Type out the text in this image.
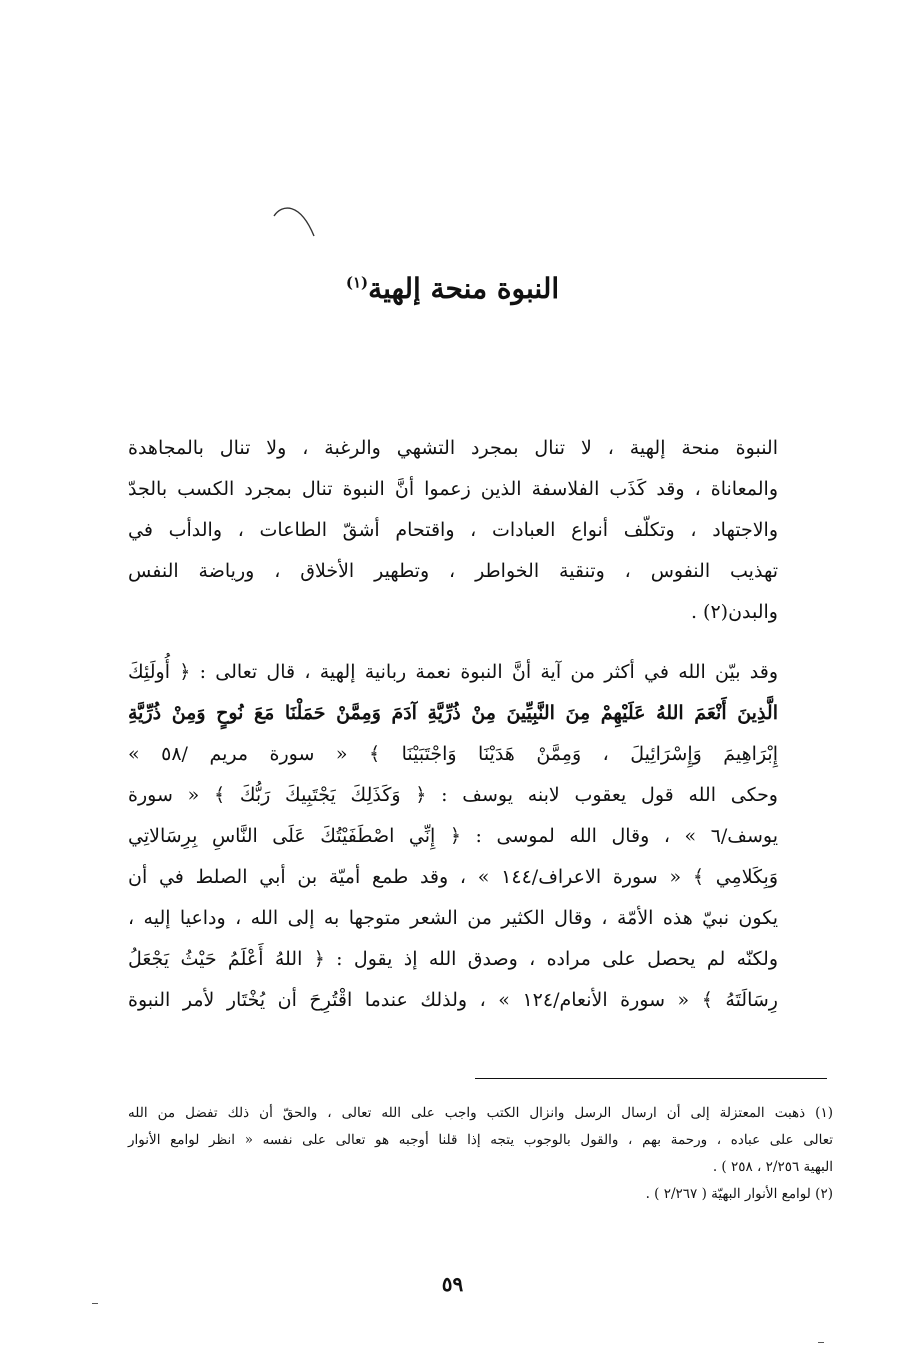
النبوة منحة إلهية$^{(١)}$
النبوة منحة إلهية ، لا تنال بمجرد التشهي والرغبة ، ولا تنال بالمجاهدة
والمعاناة ، وقد كَذَب الفلاسفة الذين زعموا أنَّ النبوة تنال بمجرد الكسب بالجدّ
والاجتهاد ، وتكلّف أنواع العبادات ، واقتحام أشقّ الطاعات ، والدأب في
تهذيب النفوس ، وتنقية الخواطر ، وتطهير الأخلاق ، ورياضة النفس
والبدن(٢) .
وقد بيّن الله في أكثر من آية أنَّ النبوة نعمة ربانية إلهية ، قال تعالى : ﴿ أُولَئِكَ
الَّذِينَ أَنْعَمَ اللهُ عَلَيْهِمْ مِنَ النَّبِيِّينَ مِنْ ذُرِّيَّةِ آدَمَ وَمِمَّنْ حَمَلْنَا مَعَ نُوحٍ وَمِنْ ذُرِّيَّةِ
إِبْرَاهِيمَ وَإِسْرَائِيلَ ، وَمِمَّنْ هَدَيْنَا وَاجْتَبَيْنَا ﴾ « سورة مريم /٥٨ »
وحكى الله قول يعقوب لابنه يوسف : ﴿ وَكَذَلِكَ يَجْتَبِيكَ رَبُّكَ ﴾ « سورة
يوسف/٦ » ، وقال الله لموسى : ﴿ إِنِّي اصْطَفَيْتُكَ عَلَى النَّاسِ بِرِسَالاتِي
وَبِكَلامِي ﴾ « سورة الاعراف/١٤٤ » ، وقد طمع أميّة بن أبي الصلط في أن
يكون نبيّ هذه الأمّة ، وقال الكثير من الشعر متوجها به إلى الله ، وداعيا إليه ،
ولكنّه لم يحصل على مراده ، وصدق الله إذ يقول : ﴿ اللهُ أَعْلَمُ حَيْثُ يَجْعَلُ
رِسَالَتَهُ ﴾ « سورة الأنعام/١٢٤ » ، ولذلك عندما اقْتُرِحَ أن يُخْتَار لأمر النبوة
(١) ذهبت المعتزلة إلى أن ارسال الرسل وانزال الكتب واجب على الله تعالى ، والحقّ أن ذلك تفضل من الله
تعالى على عباده ، ورحمة بهم ، والقول بالوجوب يتجه إذا قلنا أوجبه هو تعالى على نفسه « انظر لوامع الأنوار
البهية ٢/٢٥٦ ، ٢٥٨ ) .
(٢) لوامع الأنوار البهيّة ( ٢/٢٦٧ ) .
٥٩
